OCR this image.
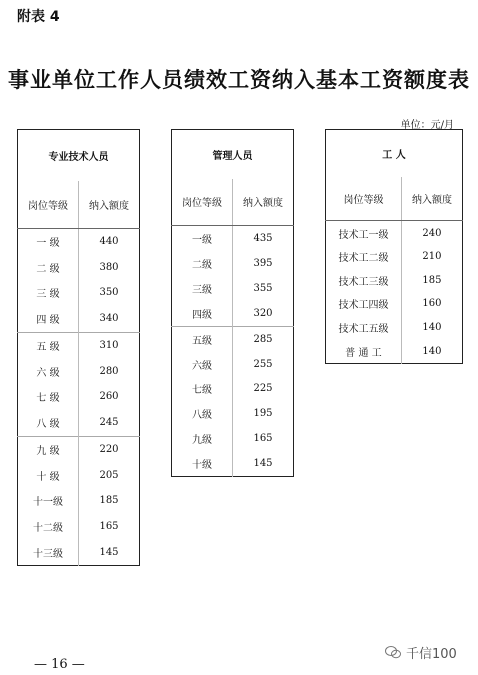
附表 4
事业单位工作人员绩效工资纳入基本工资额度表
单位：元/月
专业技术人员	
岗位等级	纳入额度
一 级	440
二 级	380
三 级	350
四 级	340
五 级	310
六 级	280
七 级	260
八 级	245
九 级	220
十 级	205
十一级	185
十二级	165
十三级	145
管理人员	
岗位等级	纳入额度
一级	435
二级	395
三级	355
四级	320
五级	285
六级	255
七级	225
八级	195
九级	165
十级	145
工 人	
岗位等级	纳入额度
技术工一级	240
技术工二级	210
技术工三级	185
技术工四级	160
技术工五级	140
普 通 工	140
— 16 —
千信100
